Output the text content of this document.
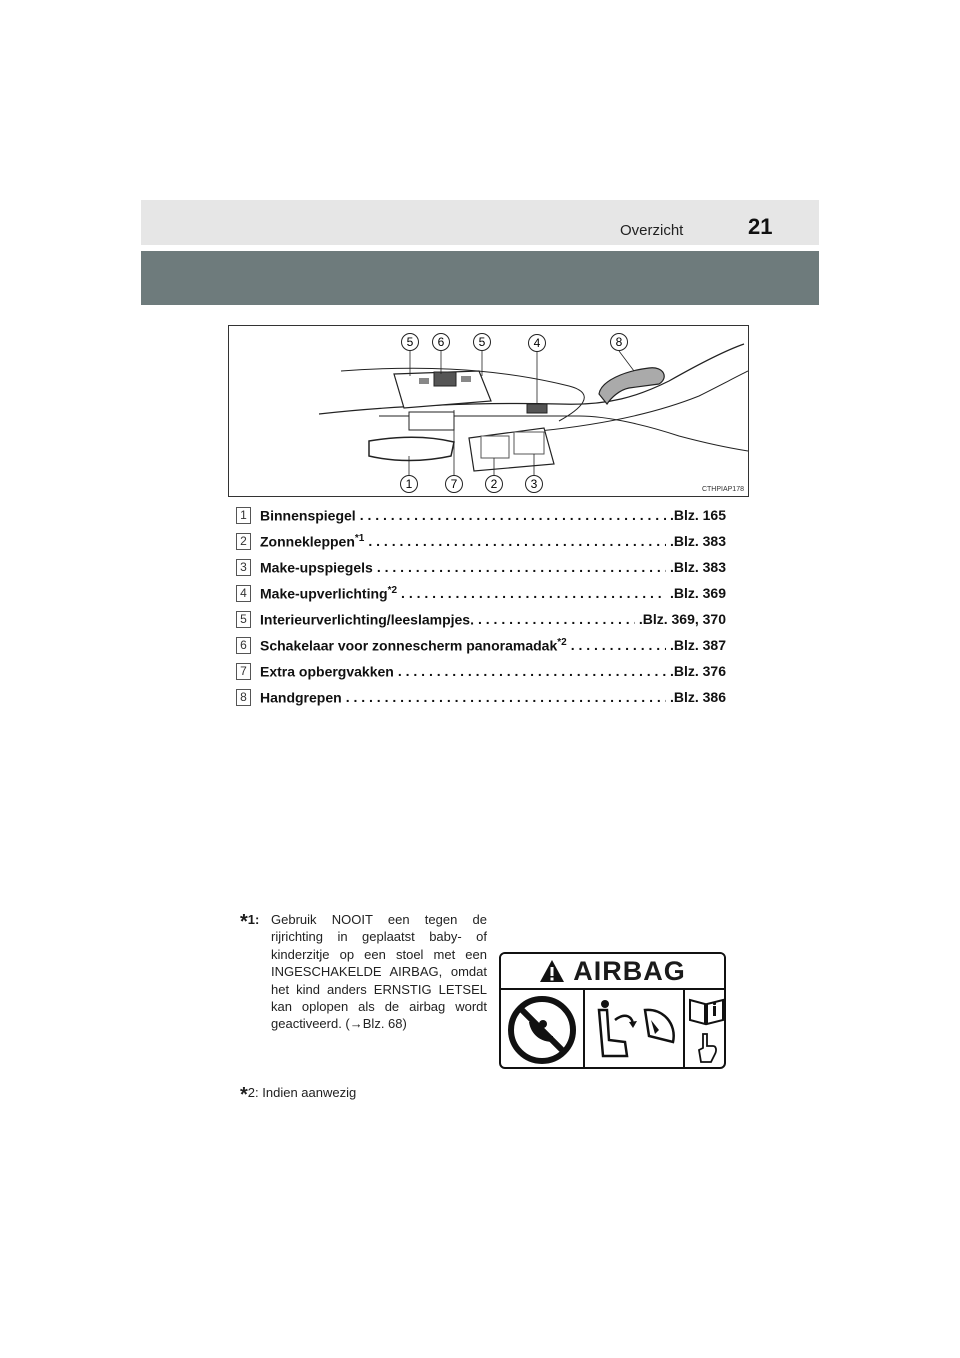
Overzicht	21
5 6	5	4	8
1	7	2	3	CTHPIAP178
1 Binnenspiegel . . .	.Blz. 165
2 Zonnekleppen$^{*1}$ . . .	.Blz. 383
3 Make-upspiegels . . .	.Blz. 383
4 Make-upverlichting$^{*2}$ . . .	.Blz. 369
5 Interieurverlichting/leeslampjes. . . .	.Blz. 369, 370
6 Schakelaar voor zonnescherm panoramadak$^{*2}$ . . .	.Blz. 387
7 Extra opbergvakken . . .	.Blz. 376
8 Handgrepen . . .	.Blz. 386
*1: Gebruik NOOIT een tegen de rijrichting in geplaatst baby- of kinderzitje op een stoel met een INGESCHAKELDE AIRBAG, omdat het kind anders ERNSTIG LETSEL kan oplopen als de airbag wordt geactiveerd. (→Blz. 68)
*2: Indien aanwezig
AIRBAG
